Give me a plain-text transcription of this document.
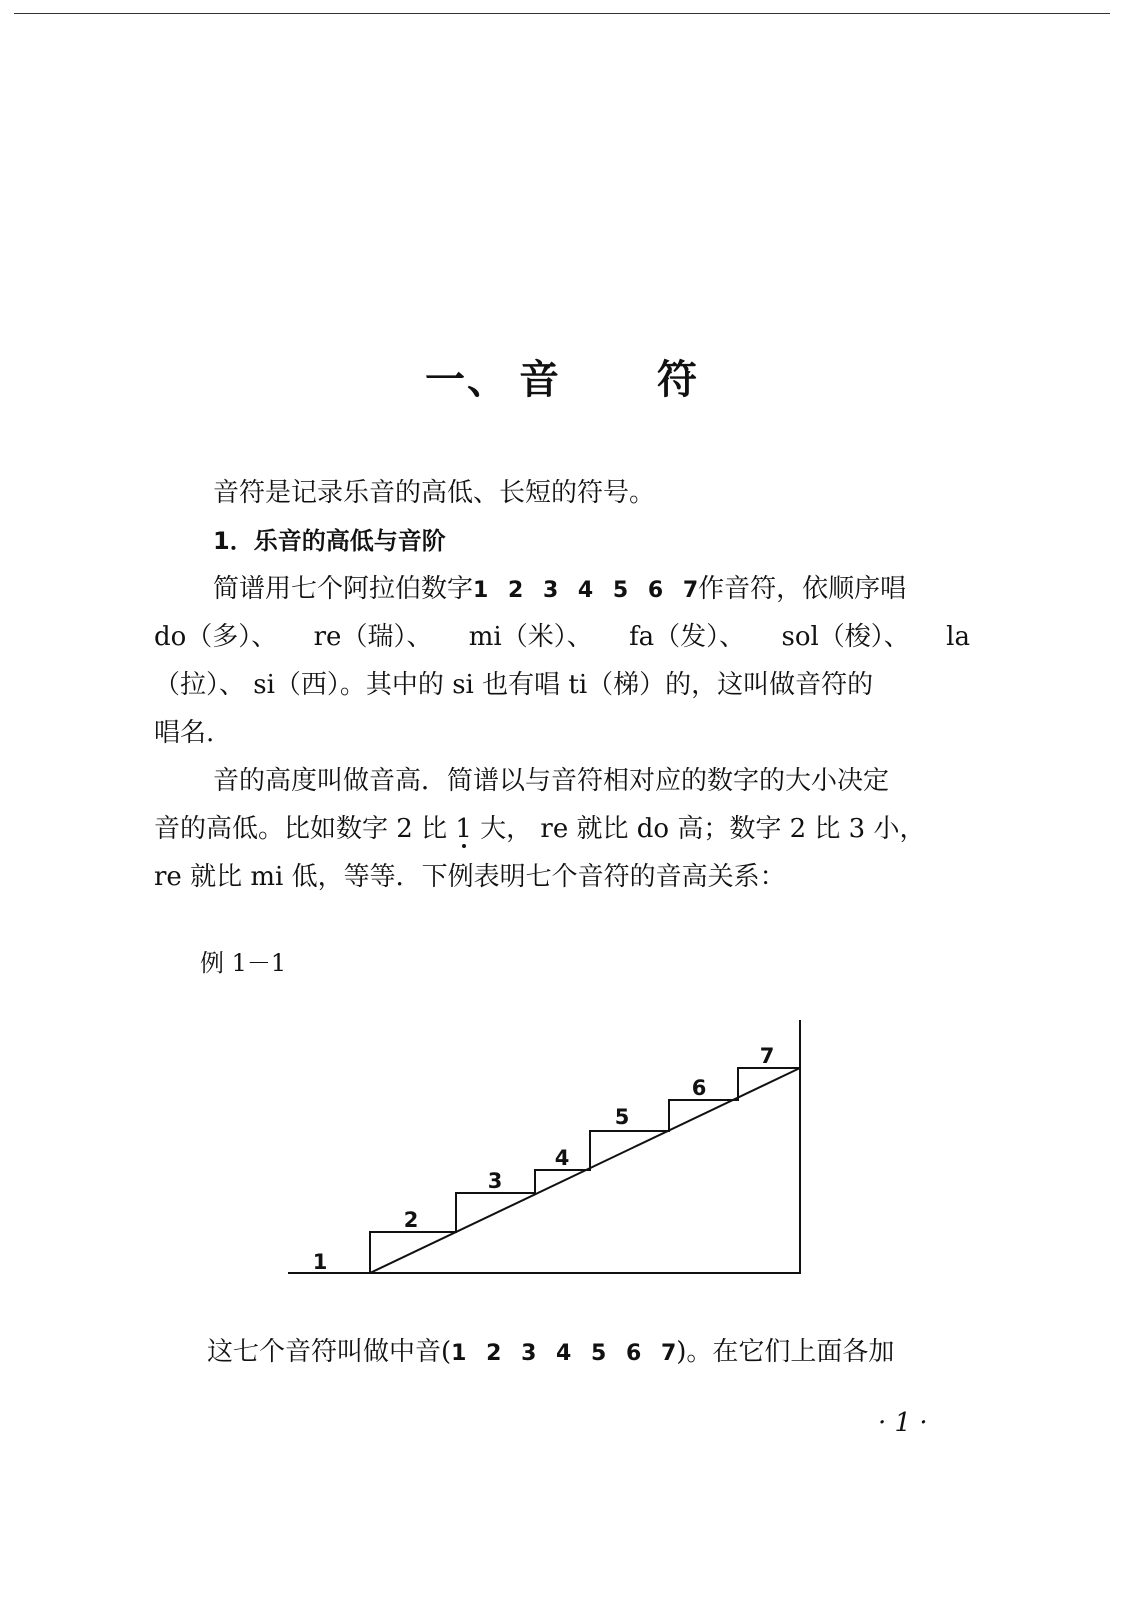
一、 音 符
音符是记录乐音的高低、长短的符号。
1．乐音的高低与音阶
简谱用七个阿拉伯数字1 2 3 4 5 6 7作音符，依顺序唱
do（多）、 re（瑞）、 mi（米）、 fa（发）、 sol（梭）、 la
（拉）、 si（西）。其中的 si 也有唱 ti（梯）的，这叫做音符的
唱名.
音的高度叫做音高．简谱以与音符相对应的数字的大小决定
音的高低。比如数字 2 比 1
大， re 就比 do 高；数字 2 比 3 小，
re 就比 mi 低，等等．下例表明七个音符的音高关系：
例 1－1
1
2
3
4
5
6
7
这七个音符叫做中音(1 2 3 4 5 6 7)。在它们上面各加
· 1 ·
